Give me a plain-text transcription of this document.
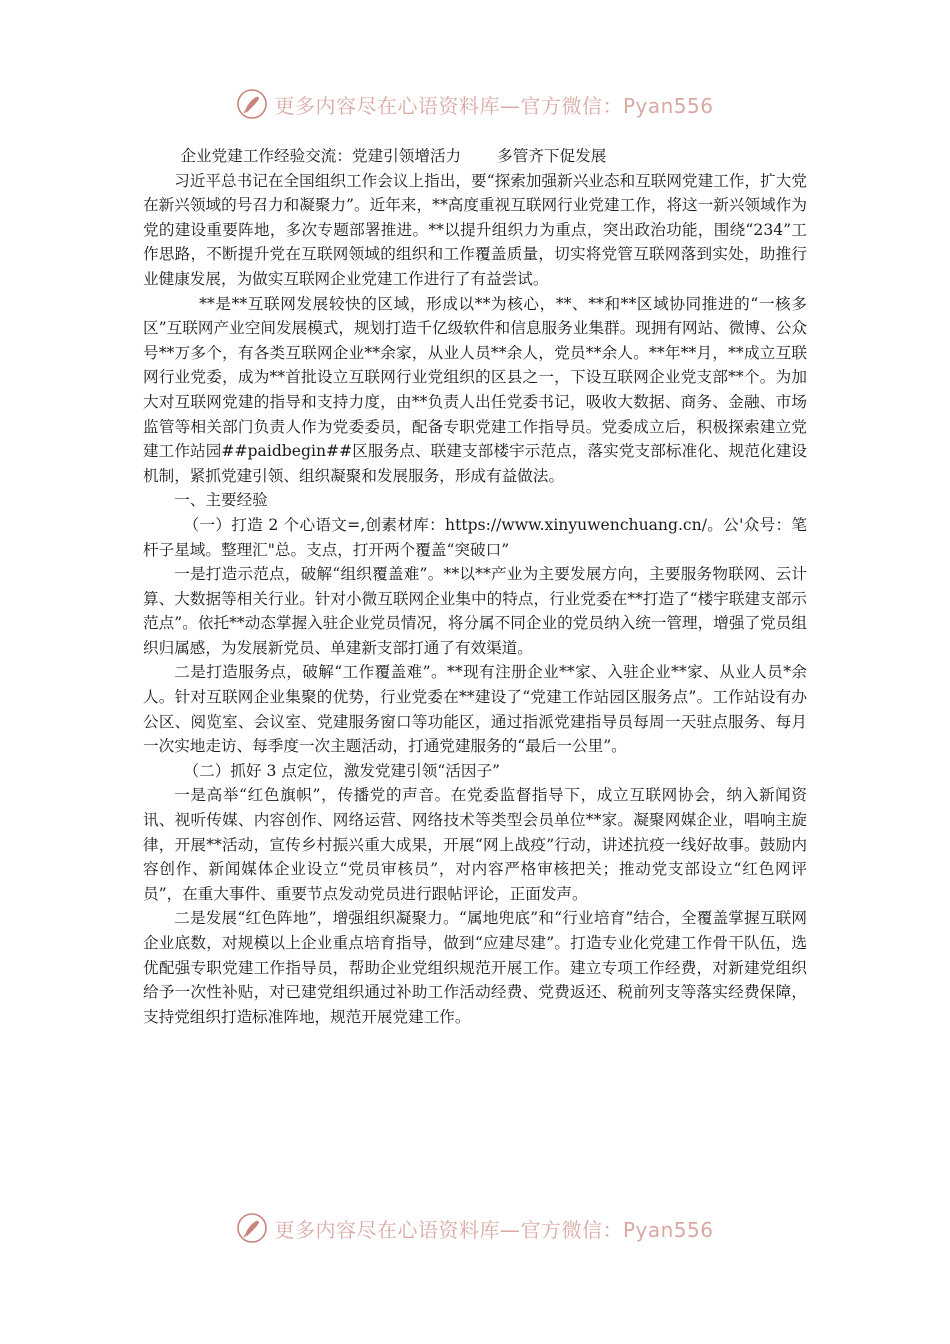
更多内容尽在心语资料库—官方微信：Pyan556

企业党建工作经验交流：党建引领增活力 多管齐下促发展

习近平总书记在全国组织工作会议上指出，要“探索加强新兴业态和互联网党建工作，扩大党在新兴领域的号召力和凝聚力”。近年来，**高度重视互联网行业党建工作，将这一新兴领域作为党的建设重要阵地，多次专题部署推进。**以提升组织力为重点，突出政治功能，围绕“234”工作思路，不断提升党在互联网领域的组织和工作覆盖质量，切实将党管互联网落到实处，助推行业健康发展，为做实互联网企业党建工作进行了有益尝试。

**是**互联网发展较快的区域，形成以**为核心，**、**和**区域协同推进的“一核多区”互联网产业空间发展模式，规划打造千亿级软件和信息服务业集群。现拥有网站、微博、公众号**万多个，有各类互联网企业**余家，从业人员**余人，党员**余人。**年**月，**成立互联网行业党委，成为**首批设立互联网行业党组织的区县之一，下设互联网企业党支部**个。为加大对互联网党建的指导和支持力度，由**负责人出任党委书记，吸收大数据、商务、金融、市场监管等相关部门负责人作为党委委员，配备专职党建工作指导员。党委成立后，积极探索建立党建工作站园##paidbegin##区服务点、联建支部楼宇示范点，落实党支部标准化、规范化建设机制，紧抓党建引领、组织凝聚和发展服务，形成有益做法。

一、主要经验

（一）打造 2 个心语文=,创素材库：https://www.xinyuwenchuang.cn/。公'众号：笔杆子星域。整理汇"总。支点，打开两个覆盖“突破口”

一是打造示范点，破解“组织覆盖难”。**以**产业为主要发展方向，主要服务物联网、云计算、大数据等相关行业。针对小微互联网企业集中的特点，行业党委在**打造了“楼宇联建支部示范点”。依托**动态掌握入驻企业党员情况，将分属不同企业的党员纳入统一管理，增强了党员组织归属感，为发展新党员、单建新支部打通了有效渠道。

二是打造服务点，破解“工作覆盖难”。**现有注册企业**家、入驻企业**家、从业人员*余人。针对互联网企业集聚的优势，行业党委在**建设了“党建工作站园区服务点”。工作站设有办公区、阅览室、会议室、党建服务窗口等功能区，通过指派党建指导员每周一天驻点服务、每月一次实地走访、每季度一次主题活动，打通党建服务的“最后一公里”。

（二）抓好 3 点定位，激发党建引领“活因子”

一是高举“红色旗帜”，传播党的声音。在党委监督指导下，成立互联网协会，纳入新闻资讯、视听传媒、内容创作、网络运营、网络技术等类型会员单位**家。凝聚网媒企业，唱响主旋律，开展**活动，宣传乡村振兴重大成果，开展“网上战疫”行动，讲述抗疫一线好故事。鼓励内容创作、新闻媒体企业设立“党员审核员”，对内容严格审核把关；推动党支部设立“红色网评员”，在重大事件、重要节点发动党员进行跟帖评论，正面发声。

二是发展“红色阵地”，增强组织凝聚力。“属地兜底”和“行业培育”结合，全覆盖掌握互联网企业底数，对规模以上企业重点培育指导，做到“应建尽建”。打造专业化党建工作骨干队伍，选优配强专职党建工作指导员，帮助企业党组织规范开展工作。建立专项工作经费，对新建党组织给予一次性补贴，对已建党组织通过补助工作活动经费、党费返还、税前列支等落实经费保障，支持党组织打造标准阵地，规范开展党建工作。

更多内容尽在心语资料库—官方微信：Pyan556
